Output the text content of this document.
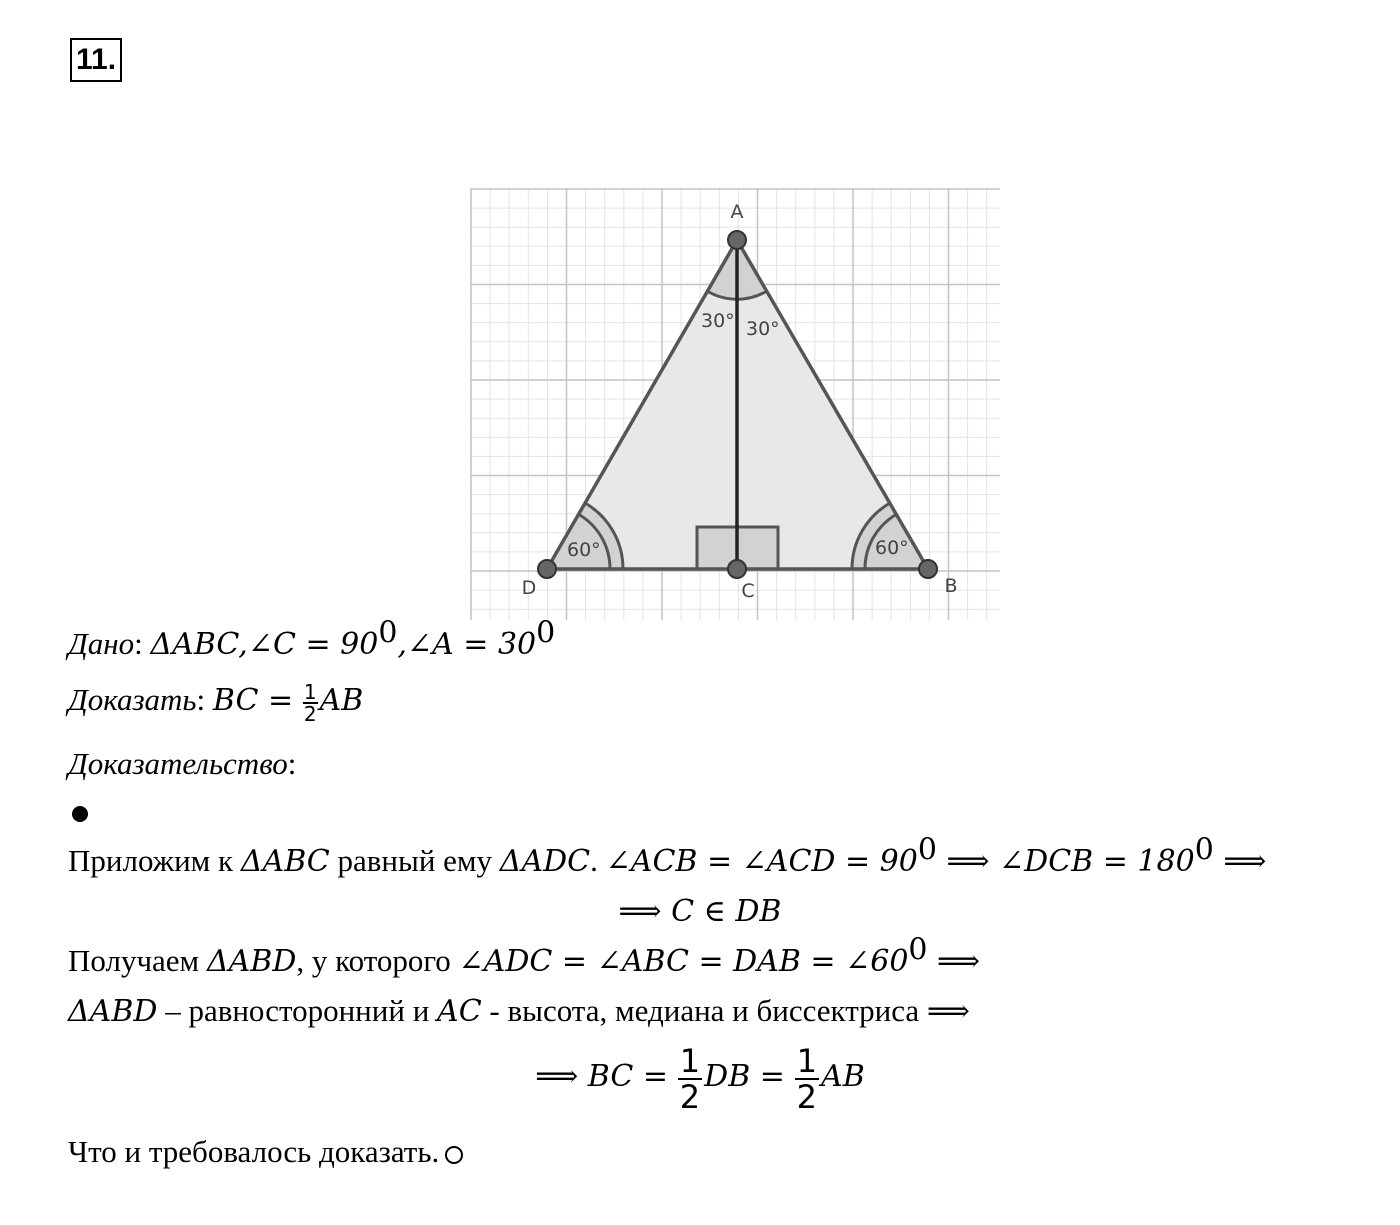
11.
A
D	C	B
30° 30°
60°	60°
Дано: ΔABC,∠C = $90^0,\angle A = 30^0$
Доказать: BC = $\frac{1}{2}$ AB
Доказательство:
Приложим к ΔABC равный ему ΔADC. ∠ACB = ∠ACD = $90^0$ ⟹ ∠DCB = $180^0$ ⟹
⟹ C ∈ DB
Получаем ΔABD, у которого ∠ADC = ∠ABC = DAB = $\angle 60^0$ ⟹
ΔABD – равносторонний и AC - высота, медиана и биссектриса ⟹
⟹ BC = $\frac{1}{2}$ DB = $\frac{1}{2}$ AB
Что и требовалось доказать.
